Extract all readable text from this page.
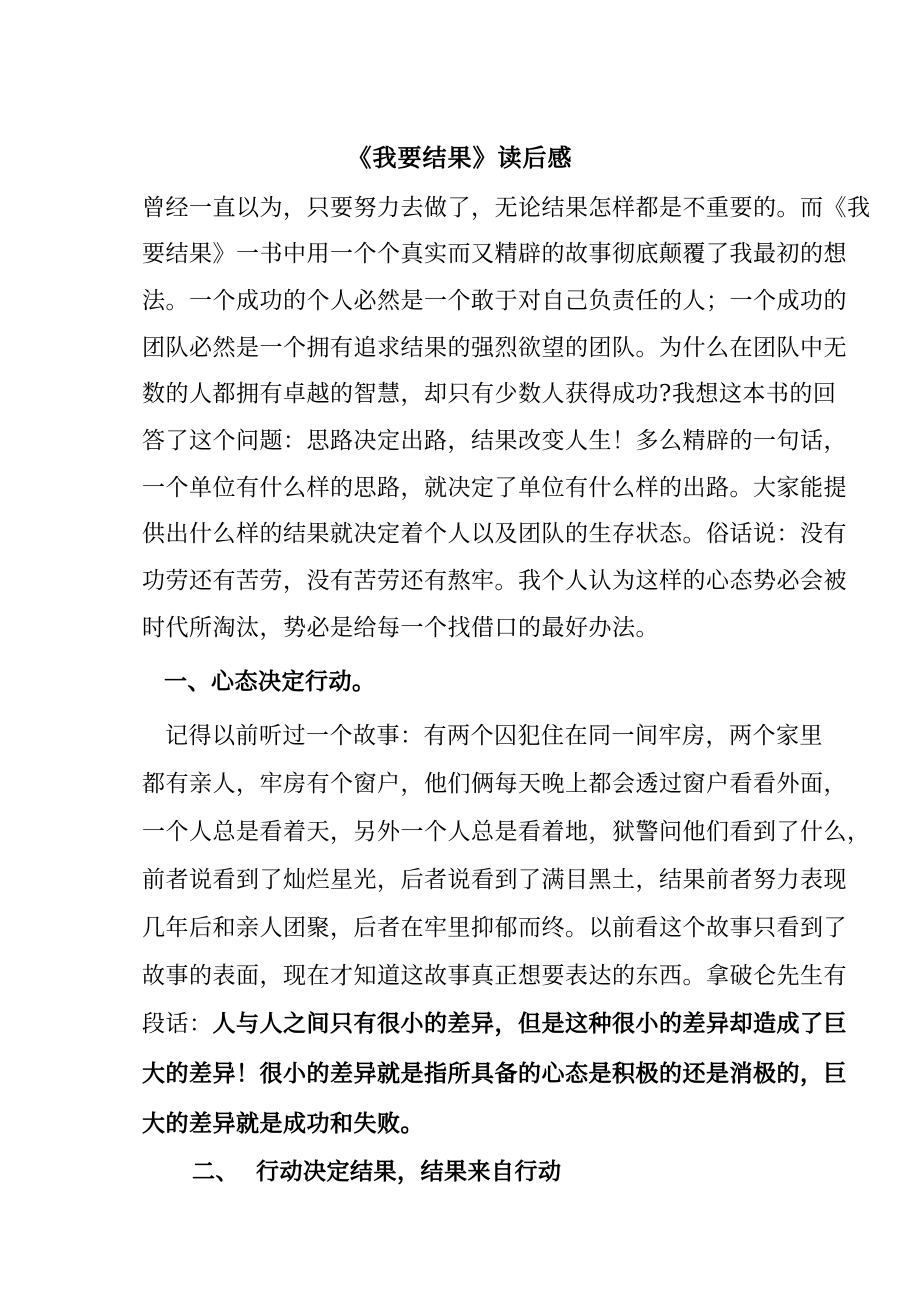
《我要结果》读后感
曾经一直以为，只要努力去做了，无论结果怎样都是不重要的。而《我
要结果》一书中用一个个真实而又精辟的故事彻底颠覆了我最初的想
法。一个成功的个人必然是一个敢于对自己负责任的人；一个成功的
团队必然是一个拥有追求结果的强烈欲望的团队。为什么在团队中无
数的人都拥有卓越的智慧，却只有少数人获得成功?我想这本书的回
答了这个问题：思路决定出路，结果改变人生！多么精辟的一句话，
一个单位有什么样的思路，就决定了单位有什么样的出路。大家能提
供出什么样的结果就决定着个人以及团队的生存状态。俗话说：没有
功劳还有苦劳，没有苦劳还有熬牢。我个人认为这样的心态势必会被
时代所淘汰，势必是给每一个找借口的最好办法。
一、心态决定行动。
记得以前听过一个故事：有两个囚犯住在同一间牢房，两个家里
都有亲人，牢房有个窗户，他们俩每天晚上都会透过窗户看看外面，
一个人总是看着天，另外一个人总是看着地，狱警问他们看到了什么，
前者说看到了灿烂星光，后者说看到了满目黑土，结果前者努力表现
几年后和亲人团聚，后者在牢里抑郁而终。以前看这个故事只看到了
故事的表面，现在才知道这故事真正想要表达的东西。拿破仑先生有
段话：人与人之间只有很小的差异，但是这种很小的差异却造成了巨
大的差异！很小的差异就是指所具备的心态是积极的还是消极的，巨
大的差异就是成功和失败。
二、  行动决定结果，结果来自行动
